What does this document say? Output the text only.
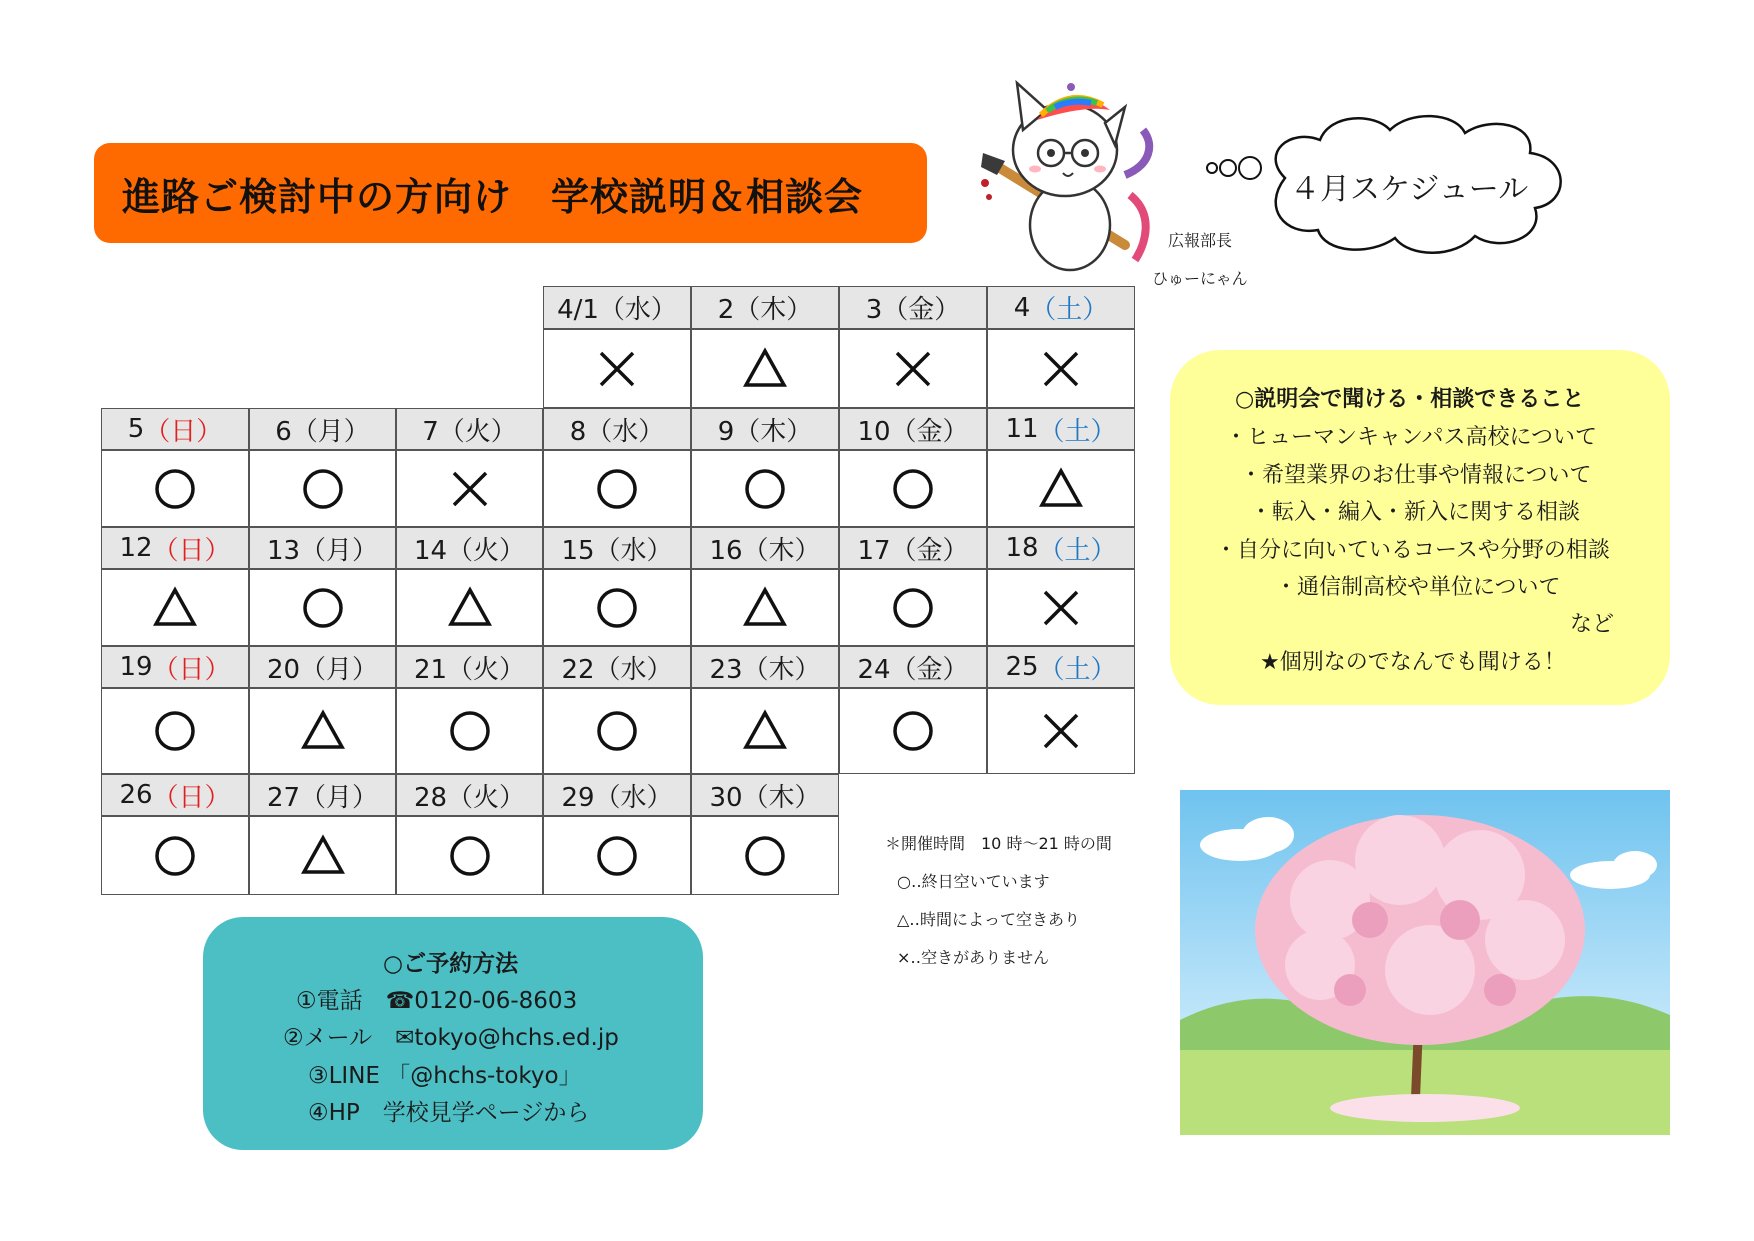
進路ご検討中の方向け　学校説明＆相談会
広報部長
ひゅーにゃん
４月スケジュール
4/1（水） 2（木） 3（金） 4 （土）
5 （日） 6（月） 7（火） 8（水） 9（木） 10（金） 11 （土）
12 （日） 13（月） 14（火） 15（水） 16（木） 17（金） 18 （土）
19 （日） 20（月） 21（火） 22（水） 23（木） 24（金） 25 （土）
26 （日） 27（月） 28（火） 29（水） 30（木）
＊開催時間　10 時～21 時の間
○‥終日空いています
△‥時間によって空きあり
×‥空きがありません
○説明会で聞ける・相談できること
・ヒューマンキャンパス高校について
・希望業界のお仕事や情報について
・転入・編入・新入に関する相談
・自分に向いているコースや分野の相談
・通信制高校や単位について
など
★個別なのでなんでも聞ける！
○ご予約方法
①電話　☎0120-06-8603
②メール　✉tokyo@hchs.ed.jp
③LINE 「@hchs-tokyo」
④HP　学校見学ページから
